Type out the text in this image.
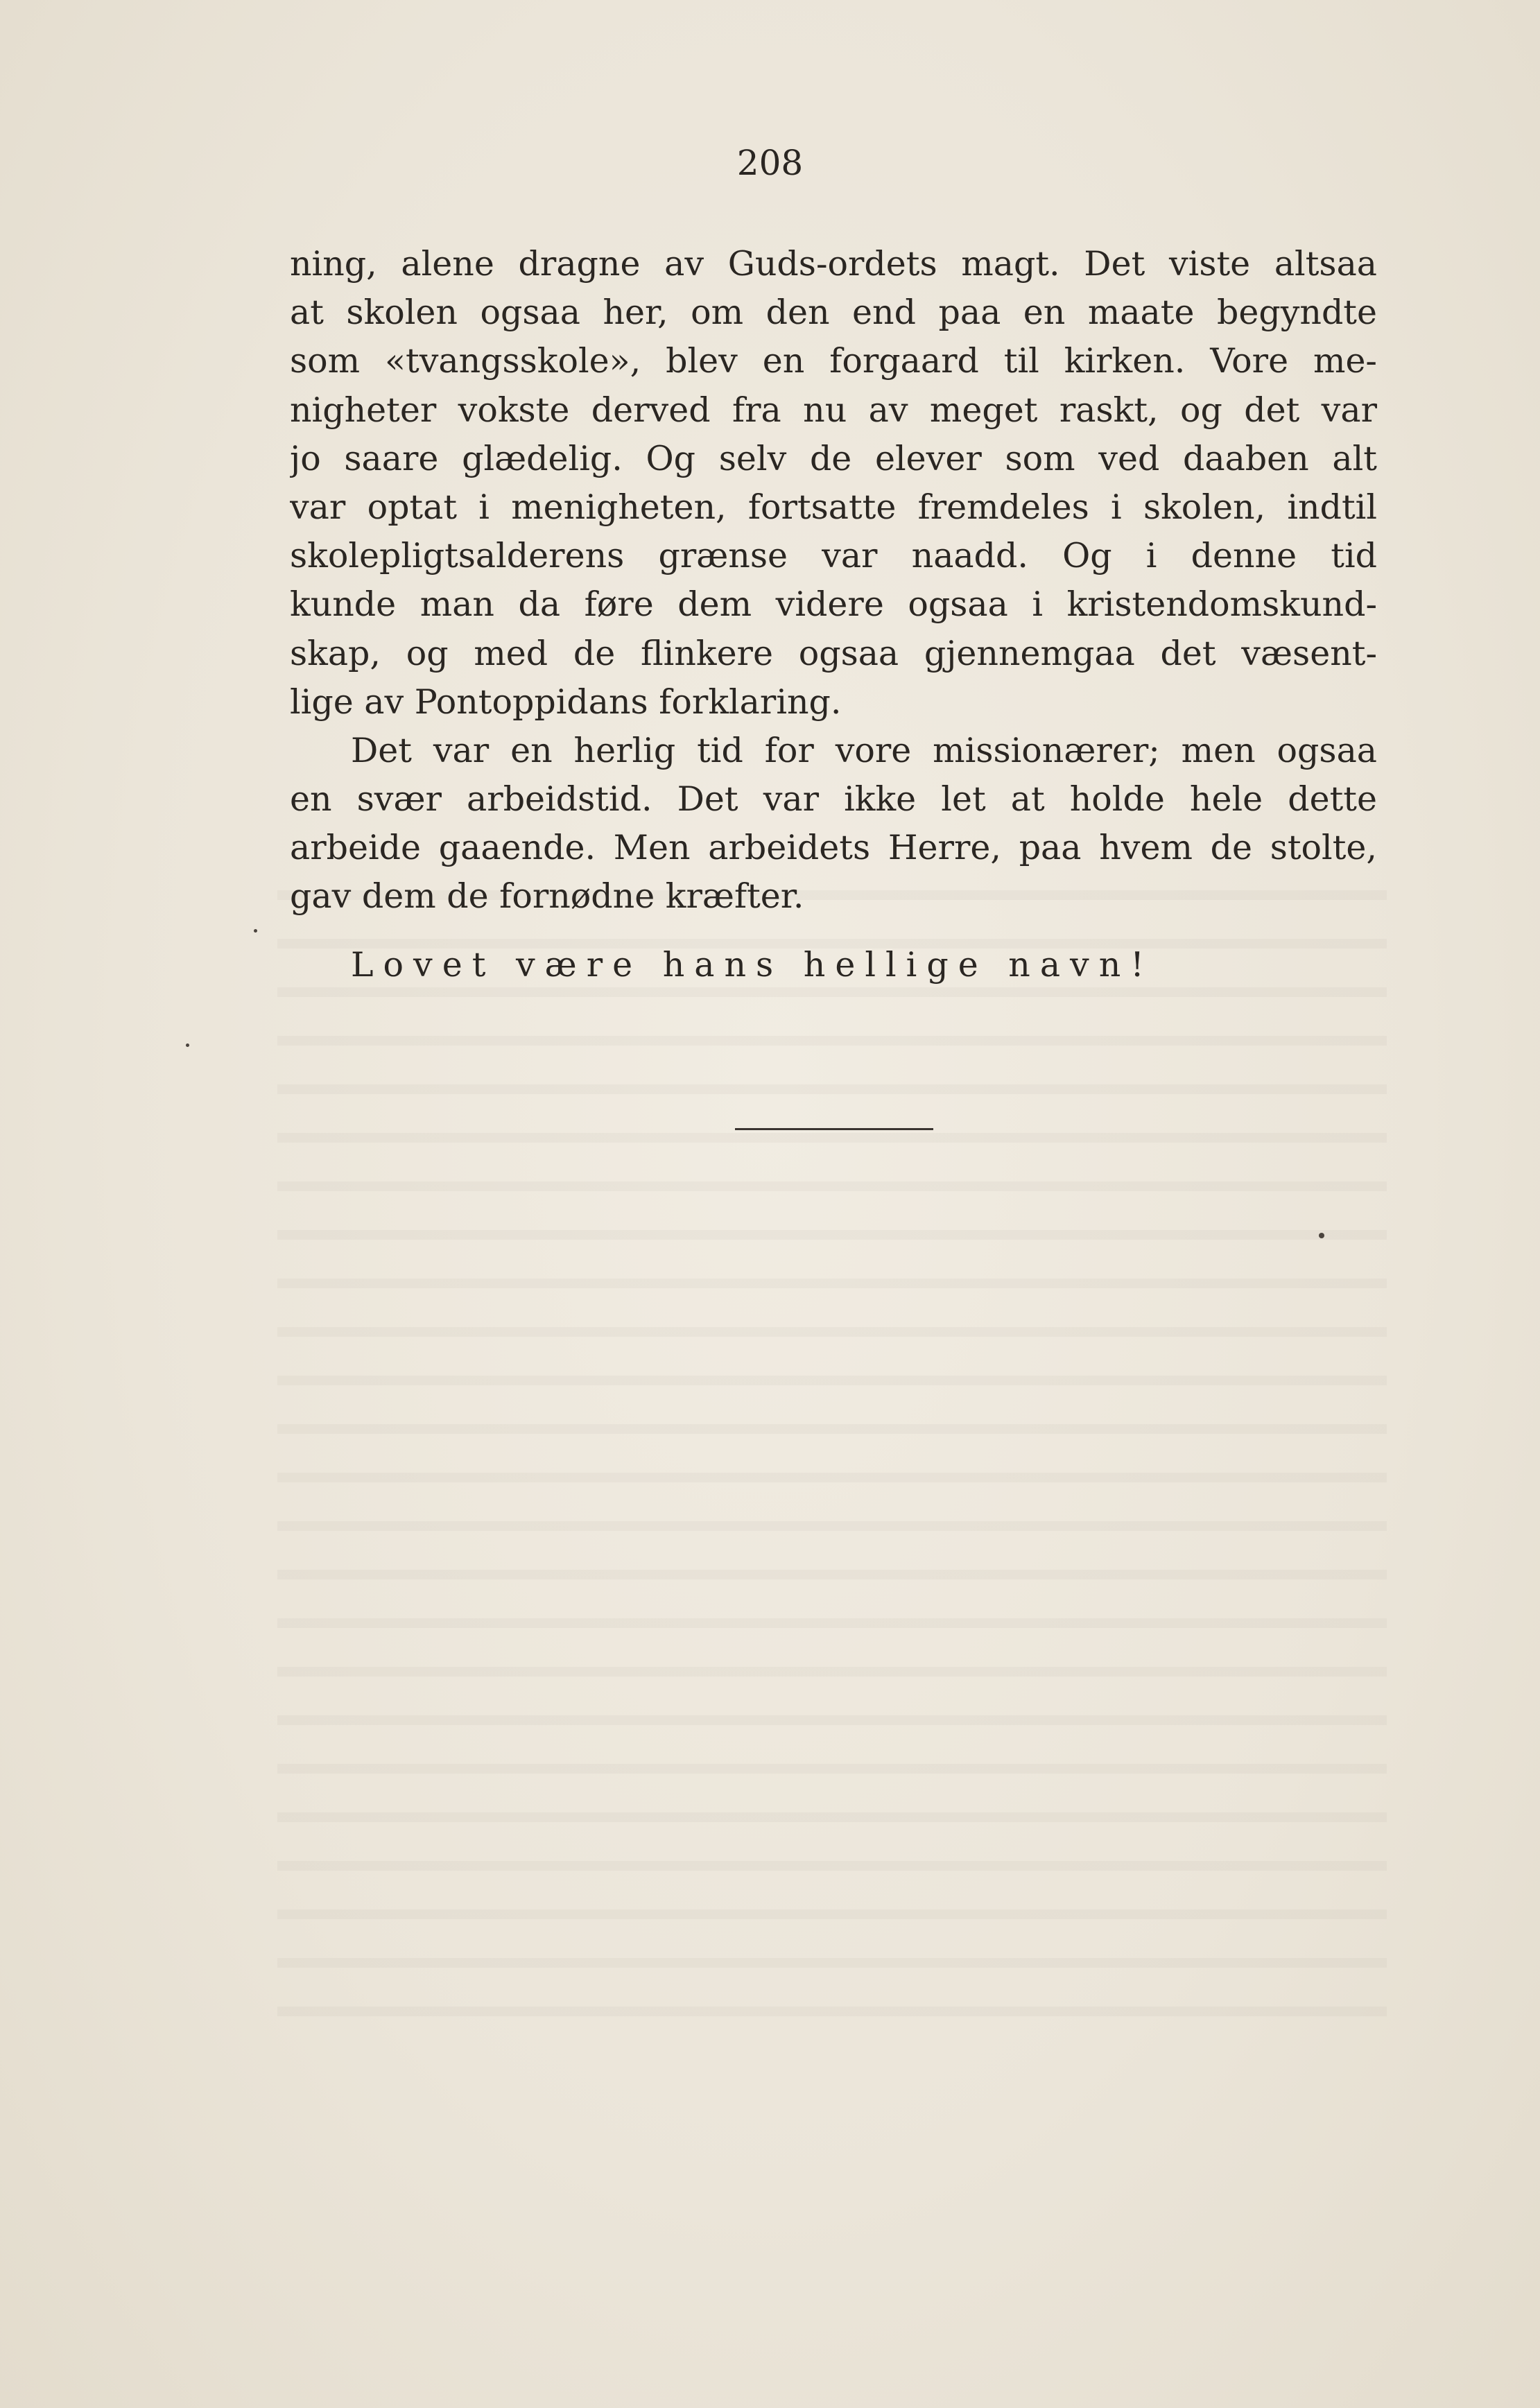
208
ning, alene dragne av Guds-ordets magt. Det viste altsaa
at skolen ogsaa her, om den end paa en maate begyndte
som «tvangsskole», blev en forgaard til kirken. Vore me-
nigheter vokste derved fra nu av meget raskt, og det var
jo saare glædelig. Og selv de elever som ved daaben alt
var optat i menigheten, fortsatte fremdeles i skolen, indtil
skolepligtsalderens grænse var naadd. Og i denne tid
kunde man da føre dem videre ogsaa i kristendomskund-
skap, og med de flinkere ogsaa gjennemgaa det væsent-
lige av Pontoppidans forklaring.
Det var en herlig tid for vore missionærer; men ogsaa
en svær arbeidstid. Det var ikke let at holde hele dette
arbeide gaaende. Men arbeidets Herre, paa hvem de stolte,
gav dem de fornødne kræfter.
Lovet være hans hellige navn!
